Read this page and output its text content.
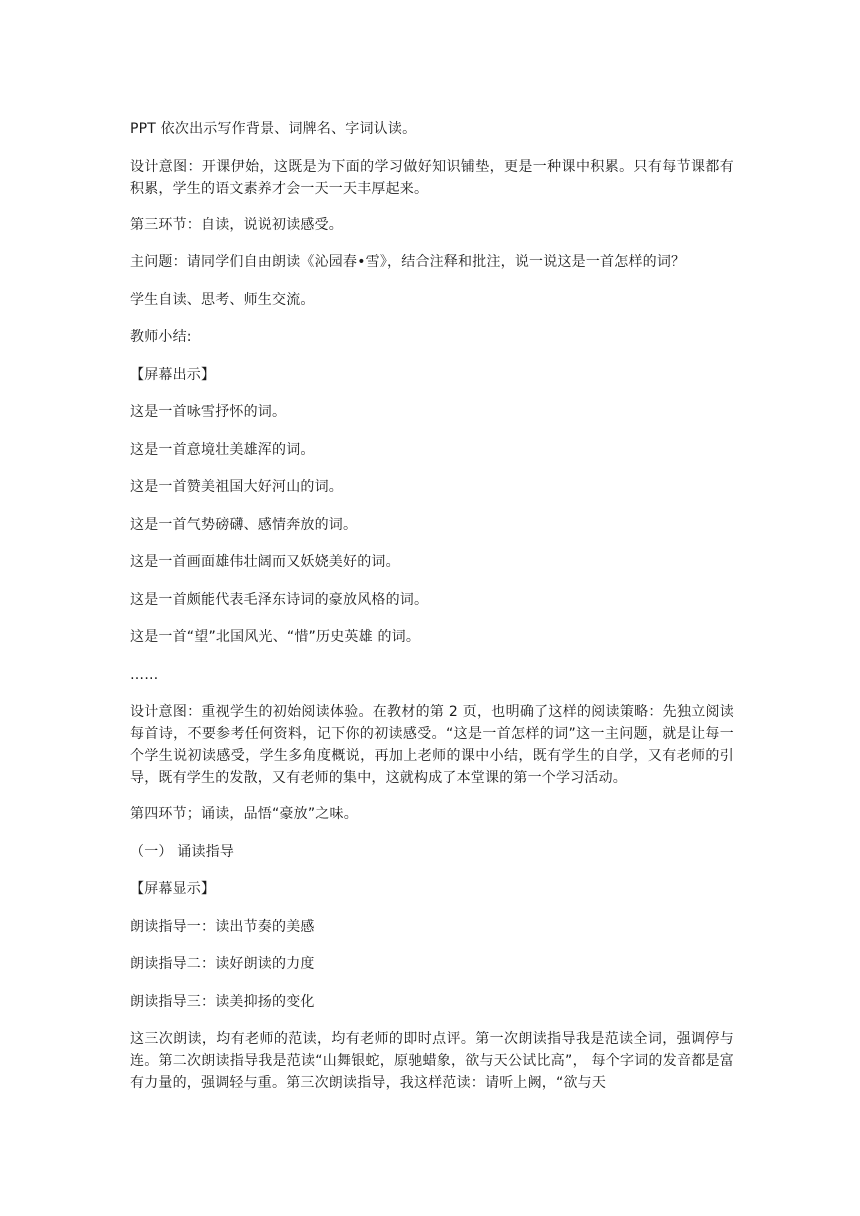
PPT 依次出示写作背景、词牌名、字词认读。

设计意图：开课伊始，这既是为下面的学习做好知识铺垫，更是一种课中积累。只有每节课都有积累，学生的语文素养才会一天一天丰厚起来。

第三环节：自读，说说初读感受。

主问题：请同学们自由朗读《沁园春•雪》，结合注释和批注，说一说这是一首怎样的词？

学生自读、思考、师生交流。

教师小结:

【屏幕出示】

这是一首咏雪抒怀的词。

这是一首意境壮美雄浑的词。

这是一首赞美祖国大好河山的词。

这是一首气势磅礴、感情奔放的词。

这是一首画面雄伟壮阔而又妖娆美好的词。

这是一首颇能代表毛泽东诗词的豪放风格的词。

这是一首“望”北国风光、“惜”历史英雄 的词。

……

设计意图：重视学生的初始阅读体验。在教材的第 2 页，也明确了这样的阅读策略：先独立阅读每首诗，不要参考任何资料，记下你的初读感受。“这是一首怎样的词”这一主问题，就是让每一个学生说初读感受，学生多角度概说，再加上老师的课中小结，既有学生的自学，又有老师的引导，既有学生的发散，又有老师的集中，这就构成了本堂课的第一个学习活动。

第四环节；诵读，品悟“豪放”之味。

（一） 诵读指导

【屏幕显示】

朗读指导一：读出节奏的美感

朗读指导二：读好朗读的力度

朗读指导三：读美抑扬的变化

这三次朗读，均有老师的范读，均有老师的即时点评。第一次朗读指导我是范读全词，强调停与连。第二次朗读指导我是范读“山舞银蛇，原驰蜡象，欲与天公试比高”， 每个字词的发音都是富有力量的，强调轻与重。第三次朗读指导，我这样范读：请听上阙，“欲与天
